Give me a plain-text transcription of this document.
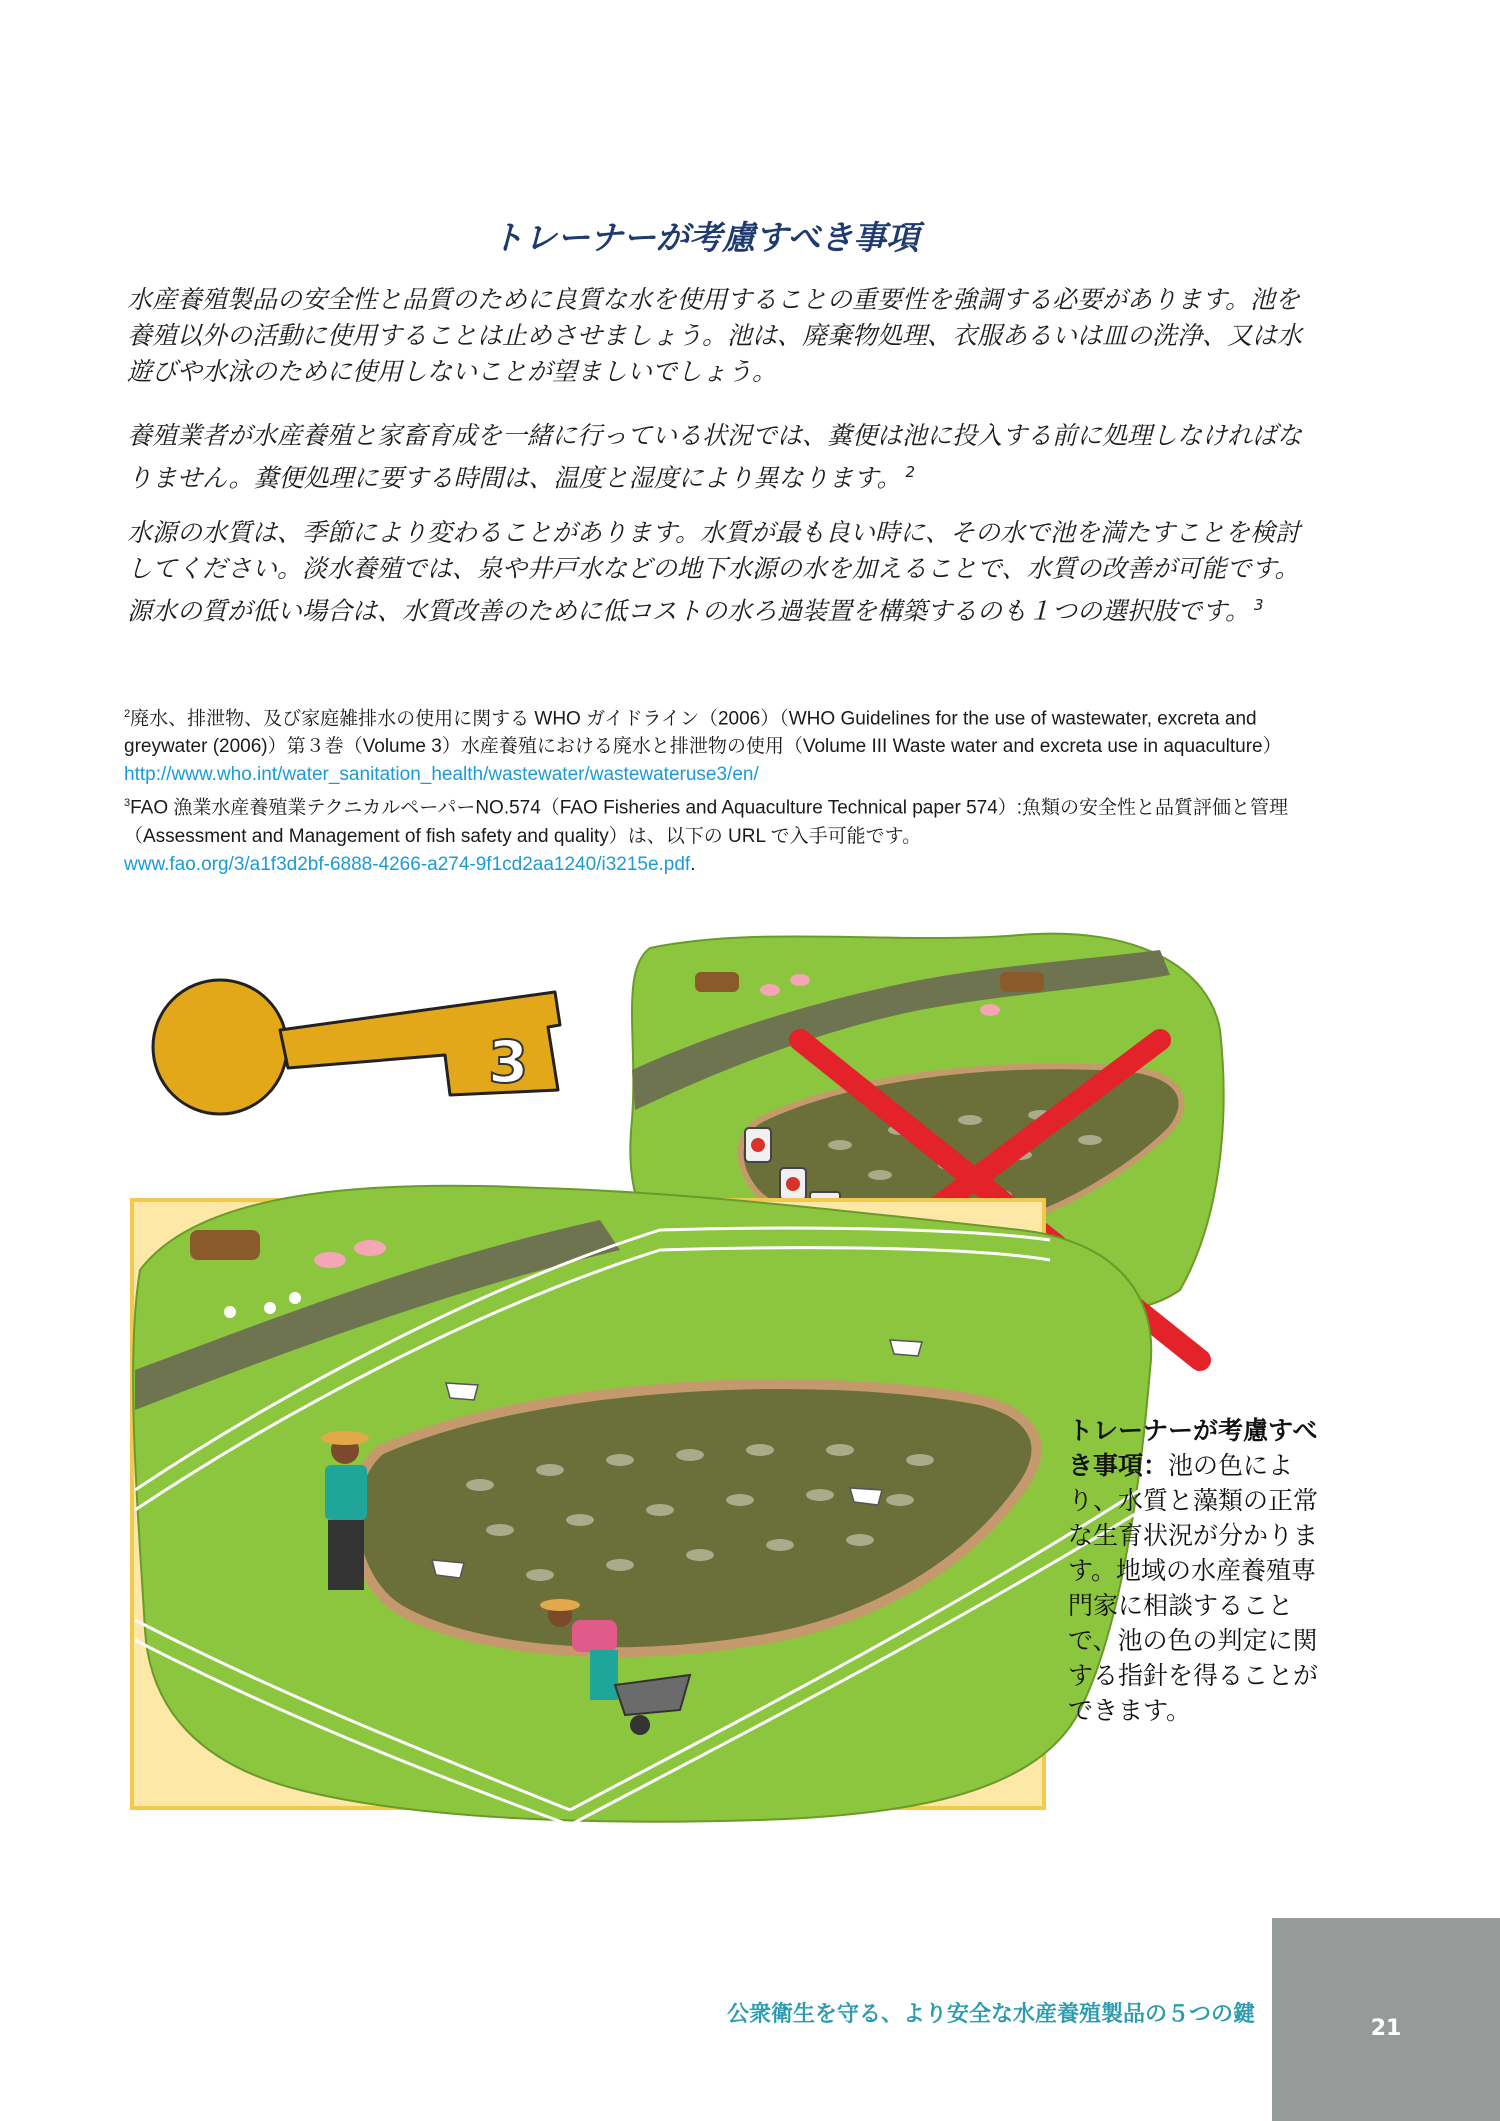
トレーナーが考慮すべき事項

水産養殖製品の安全性と品質のために良質な水を使用することの重要性を強調する必要があります。池を養殖以外の活動に使用することは止めさせましょう。池は、廃棄物処理、衣服あるいは皿の洗浄、又は水遊びや水泳のために使用しないことが望ましいでしょう。

養殖業者が水産養殖と家畜育成を一緒に行っている状況では、糞便は池に投入する前に処理しなければなりません。糞便処理に要する時間は、温度と湿度により異なります。 $^2$

水源の水質は、季節により変わることがあります。水質が最も良い時に、その水で池を満たすことを検討してください。淡水養殖では、泉や井戸水などの地下水源の水を加えることで、水質の改善が可能です。源水の質が低い場合は、水質改善のために低コストの水ろ過装置を構築するのも１つの選択肢です。 $^3$

$^2$廃水、排泄物、及び家庭雑排水の使用に関する WHO ガイドライン（2006）（WHO Guidelines for the use of wastewater, excreta and greywater (2006)）第３巻（Volume 3）水産養殖における廃水と排泄物の使用（Volume III Waste water and excreta use in aquaculture）http://www.who.int/water_sanitation_health/wastewater/wastewateruse3/en/

$^3$FAO 漁業水産養殖業テクニカルペーパーNO.574（FAO Fisheries and Aquaculture Technical paper 574）:魚類の安全性と品質評価と管理（Assessment and Management of fish safety and quality）は、以下の URL で入手可能です。
www.fao.org/3/a1f3d2bf-6888-4266-a274-9f1cd2aa1240/i3215e.pdf.

3
トレーナーが考慮すべき事項：池の色により、水質と藻類の正常な生育状況が分かります。地域の水産養殖専門家に相談することで、池の色の判定に関する指針を得ることができます。
公衆衛生を守る、より安全な水産養殖製品の５つの鍵
21
